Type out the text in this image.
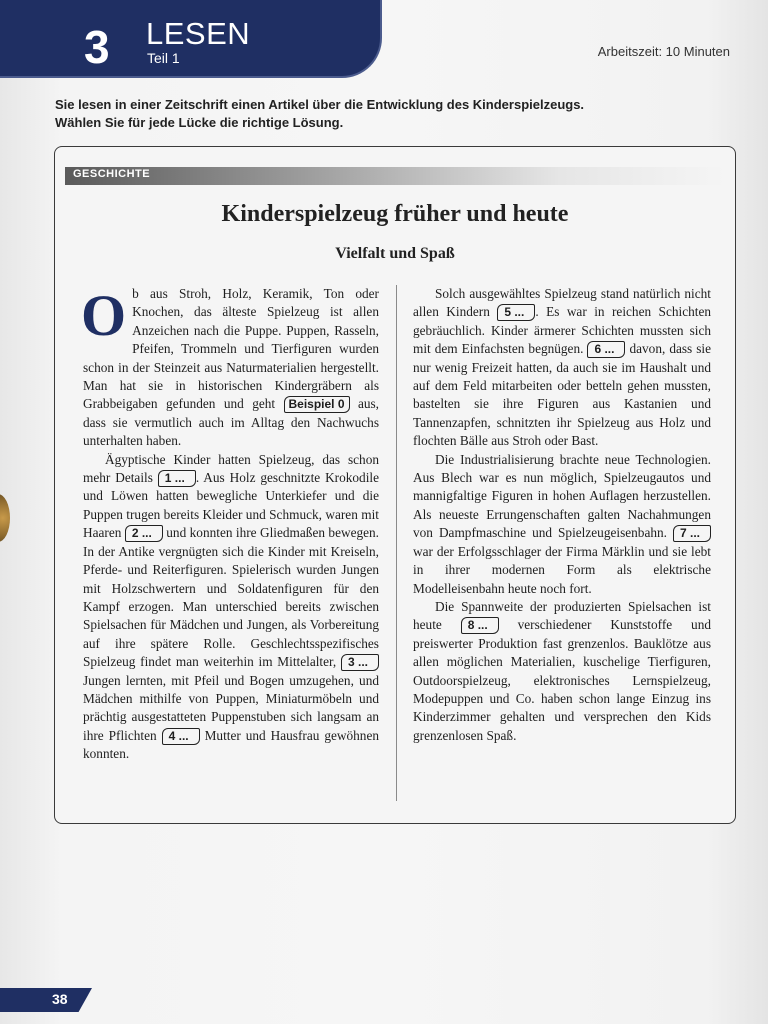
3 LESEN
Teil 1	Arbeitszeit: 10 Minuten
Sie lesen in einer Zeitschrift einen Artikel über die Entwicklung des Kinderspielzeugs.
Wählen Sie für jede Lücke die richtige Lösung.
GESCHICHTE
Kinderspielzeug früher und heute
Vielfalt und Spaß

Ob aus Stroh, Holz, Keramik, Ton oder Knochen, das älteste Spielzeug ist allen Anzeichen nach die Puppe. Puppen, Rasseln, Pfeifen, Trommeln und Tierfiguren wurden schon in der Steinzeit aus Naturmaterialien hergestellt. Man hat sie in historischen Kindergräbern als Grabbeigaben gefunden und geht Beispiel 0 aus, dass sie vermutlich auch im Alltag den Nachwuchs unterhalten haben.

Ägyptische Kinder hatten Spielzeug, das schon mehr Details 1 ... . Aus Holz geschnitzte Krokodile und Löwen hatten bewegliche Unterkiefer und die Puppen trugen bereits Kleider und Schmuck, waren mit Haaren 2 ... und konnten ihre Gliedmaßen bewegen. In der Antike vergnügten sich die Kinder mit Kreiseln, Pferde- und Reiterfiguren. Spielerisch wurden Jungen mit Holzschwertern und Soldatenfiguren für den Kampf erzogen. Man unterschied bereits zwischen Spielsachen für Mädchen und Jungen, als Vorbereitung auf ihre spätere Rolle. Geschlechtsspezifisches Spielzeug findet man weiterhin im Mittelalter, 3 ... Jungen lernten, mit Pfeil und Bogen umzugehen, und Mädchen mithilfe von Puppen, Miniaturmöbeln und prächtig ausgestatteten Puppenstuben sich langsam an ihre Pflichten 4 ... Mutter und Hausfrau gewöhnen konnten.

Solch ausgewähltes Spielzeug stand natürlich nicht allen Kindern 5 ... . Es war in reichen Schichten gebräuchlich. Kinder ärmerer Schichten mussten sich mit dem Einfachsten begnügen. 6 ... davon, dass sie nur wenig Freizeit hatten, da auch sie im Haushalt und auf dem Feld mitarbeiten oder betteln gehen mussten, bastelten sie ihre Figuren aus Kastanien und Tannenzapfen, schnitzten ihr Spielzeug aus Holz und flochten Bälle aus Stroh oder Bast.

Die Industrialisierung brachte neue Technologien. Aus Blech war es nun möglich, Spielzeugautos und mannigfaltige Figuren in hohen Auflagen herzustellen. Als neueste Errungenschaften galten Nachahmungen von Dampfmaschine und Spielzeugeisenbahn. 7 ... war der Erfolgsschlager der Firma Märklin und sie lebt in ihrer modernen Form als elektrische Modelleisenbahn heute noch fort.

Die Spannweite der produzierten Spielsachen ist heute 8 ... verschiedener Kunststoffe und preiswerter Produktion fast grenzenlos. Bauklötze aus allen möglichen Materialien, kuschelige Tierfiguren, Outdoorspielzeug, elektronisches Lernspielzeug, Modepuppen und Co. haben schon lange Einzug ins Kinderzimmer gehalten und versprechen den Kids grenzenlosen Spaß.

38
